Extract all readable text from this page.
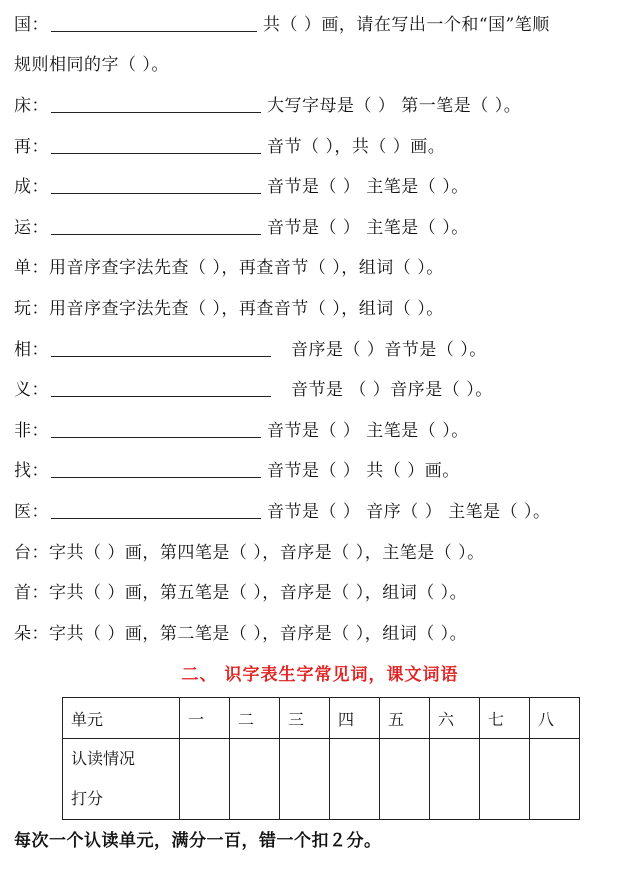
国：	共（ ）画，请在写出一个和“国”笔顺
规则相同的字（ ）。
床：	大写字母是（ ） 第一笔是（ ）。
再：	音节（ ），共（ ）画。
成：	音节是（ ） 主笔是（ ）。
运：	音节是（ ） 主笔是（ ）。
单： 用音序查字法先查（ ），再查音节（ ），组词（ ）。
玩： 用音序查字法先查（ ），再查音节（ ），组词（ ）。
相：	音序是（ ）音节是（ ）。
义：	音节是 （ ）音序是（ ）。
非：	音节是（ ） 主笔是（ ）。
找：	音节是（ ） 共（ ）画。
医：	音节是（ ） 音序（ ） 主笔是（ ）。
台： 字共（ ）画，第四笔是（ ），音序是（ ），主笔是（ ）。
首： 字共（ ）画，第五笔是（ ），音序是（ ），组词（ ）。
朵： 字共（ ）画，第二笔是（ ），音序是（ ），组词（ ）。
二、 识字表生字常见词，课文词语
单元	一	二	三	四	五	六	七	八

认读情况
打分								

每次一个认读单元，满分一百，错一个扣２分。
